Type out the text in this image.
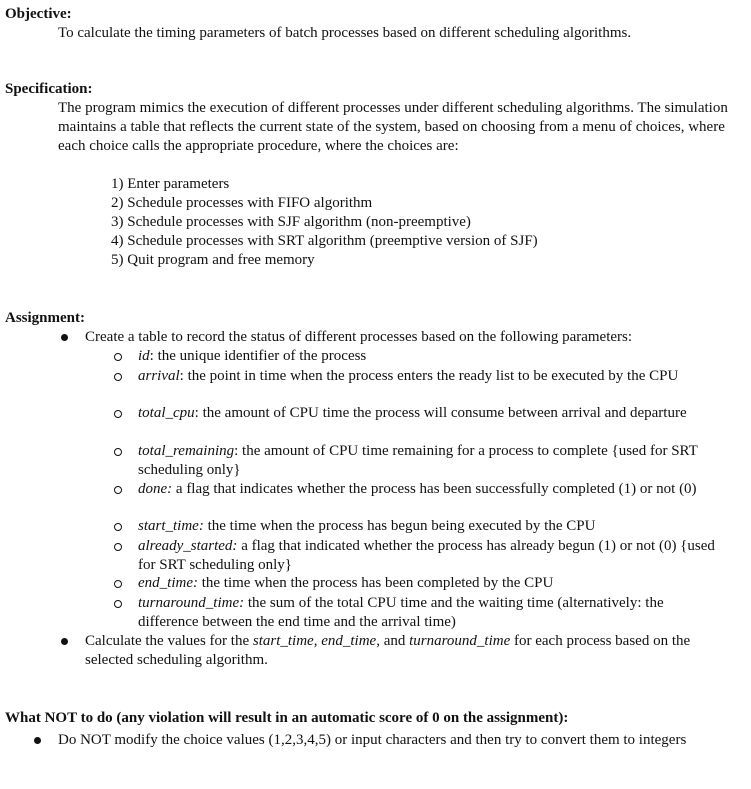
Objective:
To calculate the timing parameters of batch processes based on different scheduling algorithms.
Specification:
The program mimics the execution of different processes under different scheduling algorithms. The simulation maintains a table that reflects the current state of the system, based on choosing from a menu of choices, where each choice calls the appropriate procedure, where the choices are:
1) Enter parameters
2) Schedule processes with FIFO algorithm
3) Schedule processes with SJF algorithm (non-preemptive)
4) Schedule processes with SRT algorithm (preemptive version of SJF)
5) Quit program and free memory
Assignment:
Create a table to record the status of different processes based on the following parameters:
id: the unique identifier of the process
arrival: the point in time when the process enters the ready list to be executed by the CPU
total_cpu: the amount of CPU time the process will consume between arrival and departure
total_remaining: the amount of CPU time remaining for a process to complete {used for SRT scheduling only}
done: a flag that indicates whether the process has been successfully completed (1) or not (0)
start_time: the time when the process has begun being executed by the CPU
already_started: a flag that indicated whether the process has already begun (1) or not (0) {used for SRT scheduling only}
end_time: the time when the process has been completed by the CPU
turnaround_time: the sum of the total CPU time and the waiting time (alternatively: the difference between the end time and the arrival time)
Calculate the values for the start_time, end_time, and turnaround_time for each process based on the selected scheduling algorithm.
What NOT to do (any violation will result in an automatic score of 0 on the assignment):
Do NOT modify the choice values (1,2,3,4,5) or input characters and then try to convert them to integers
